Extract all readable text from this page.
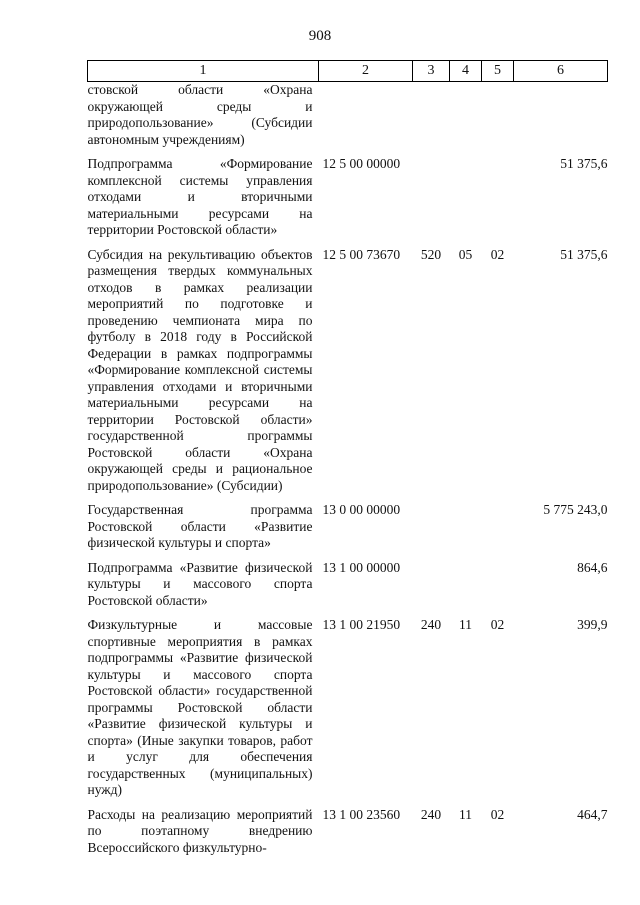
908
1	2	3	4	5	6
стовской области «Охрана окружающей среды и природопользование» (Субсидии автономным учреждениям)					

Подпрограмма «Формирование комплексной системы управления отходами и вторичными материальными ресурсами на территории Ростовской области»	12 5 00 00000				51 375,6

Субсидия на рекультивацию объектов размещения твердых коммунальных отходов в рамках реализации мероприятий по подготовке и проведению чемпионата мира по футболу в 2018 году в Российской Федерации в рамках подпрограммы «Формирование комплексной системы управления отходами и вторичными материальными ресурсами на территории Ростовской области» государственной программы Ростовской области «Охрана окружающей среды и рациональное природопользование» (Субсидии)	12 5 00 73670	520	05	02	51 375,6

Государственная программа Ростовской области «Развитие физической культуры и спорта»	13 0 00 00000				5 775 243,0

Подпрограмма «Развитие физической культуры и массового спорта Ростовской области»	13 1 00 00000				864,6

Физкультурные и массовые спортивные мероприятия в рамках подпрограммы «Развитие физической культуры и массового спорта Ростовской области» государственной программы Ростовской области «Развитие физической культуры и спорта» (Иные закупки товаров, работ и услуг для обеспечения государственных (муниципальных) нужд)	13 1 00 21950	240	11	02	399,9

Расходы на реализацию мероприятий по поэтапному внедрению Всероссийского физкультурно-	13 1 00 23560	240	11	02	464,7
